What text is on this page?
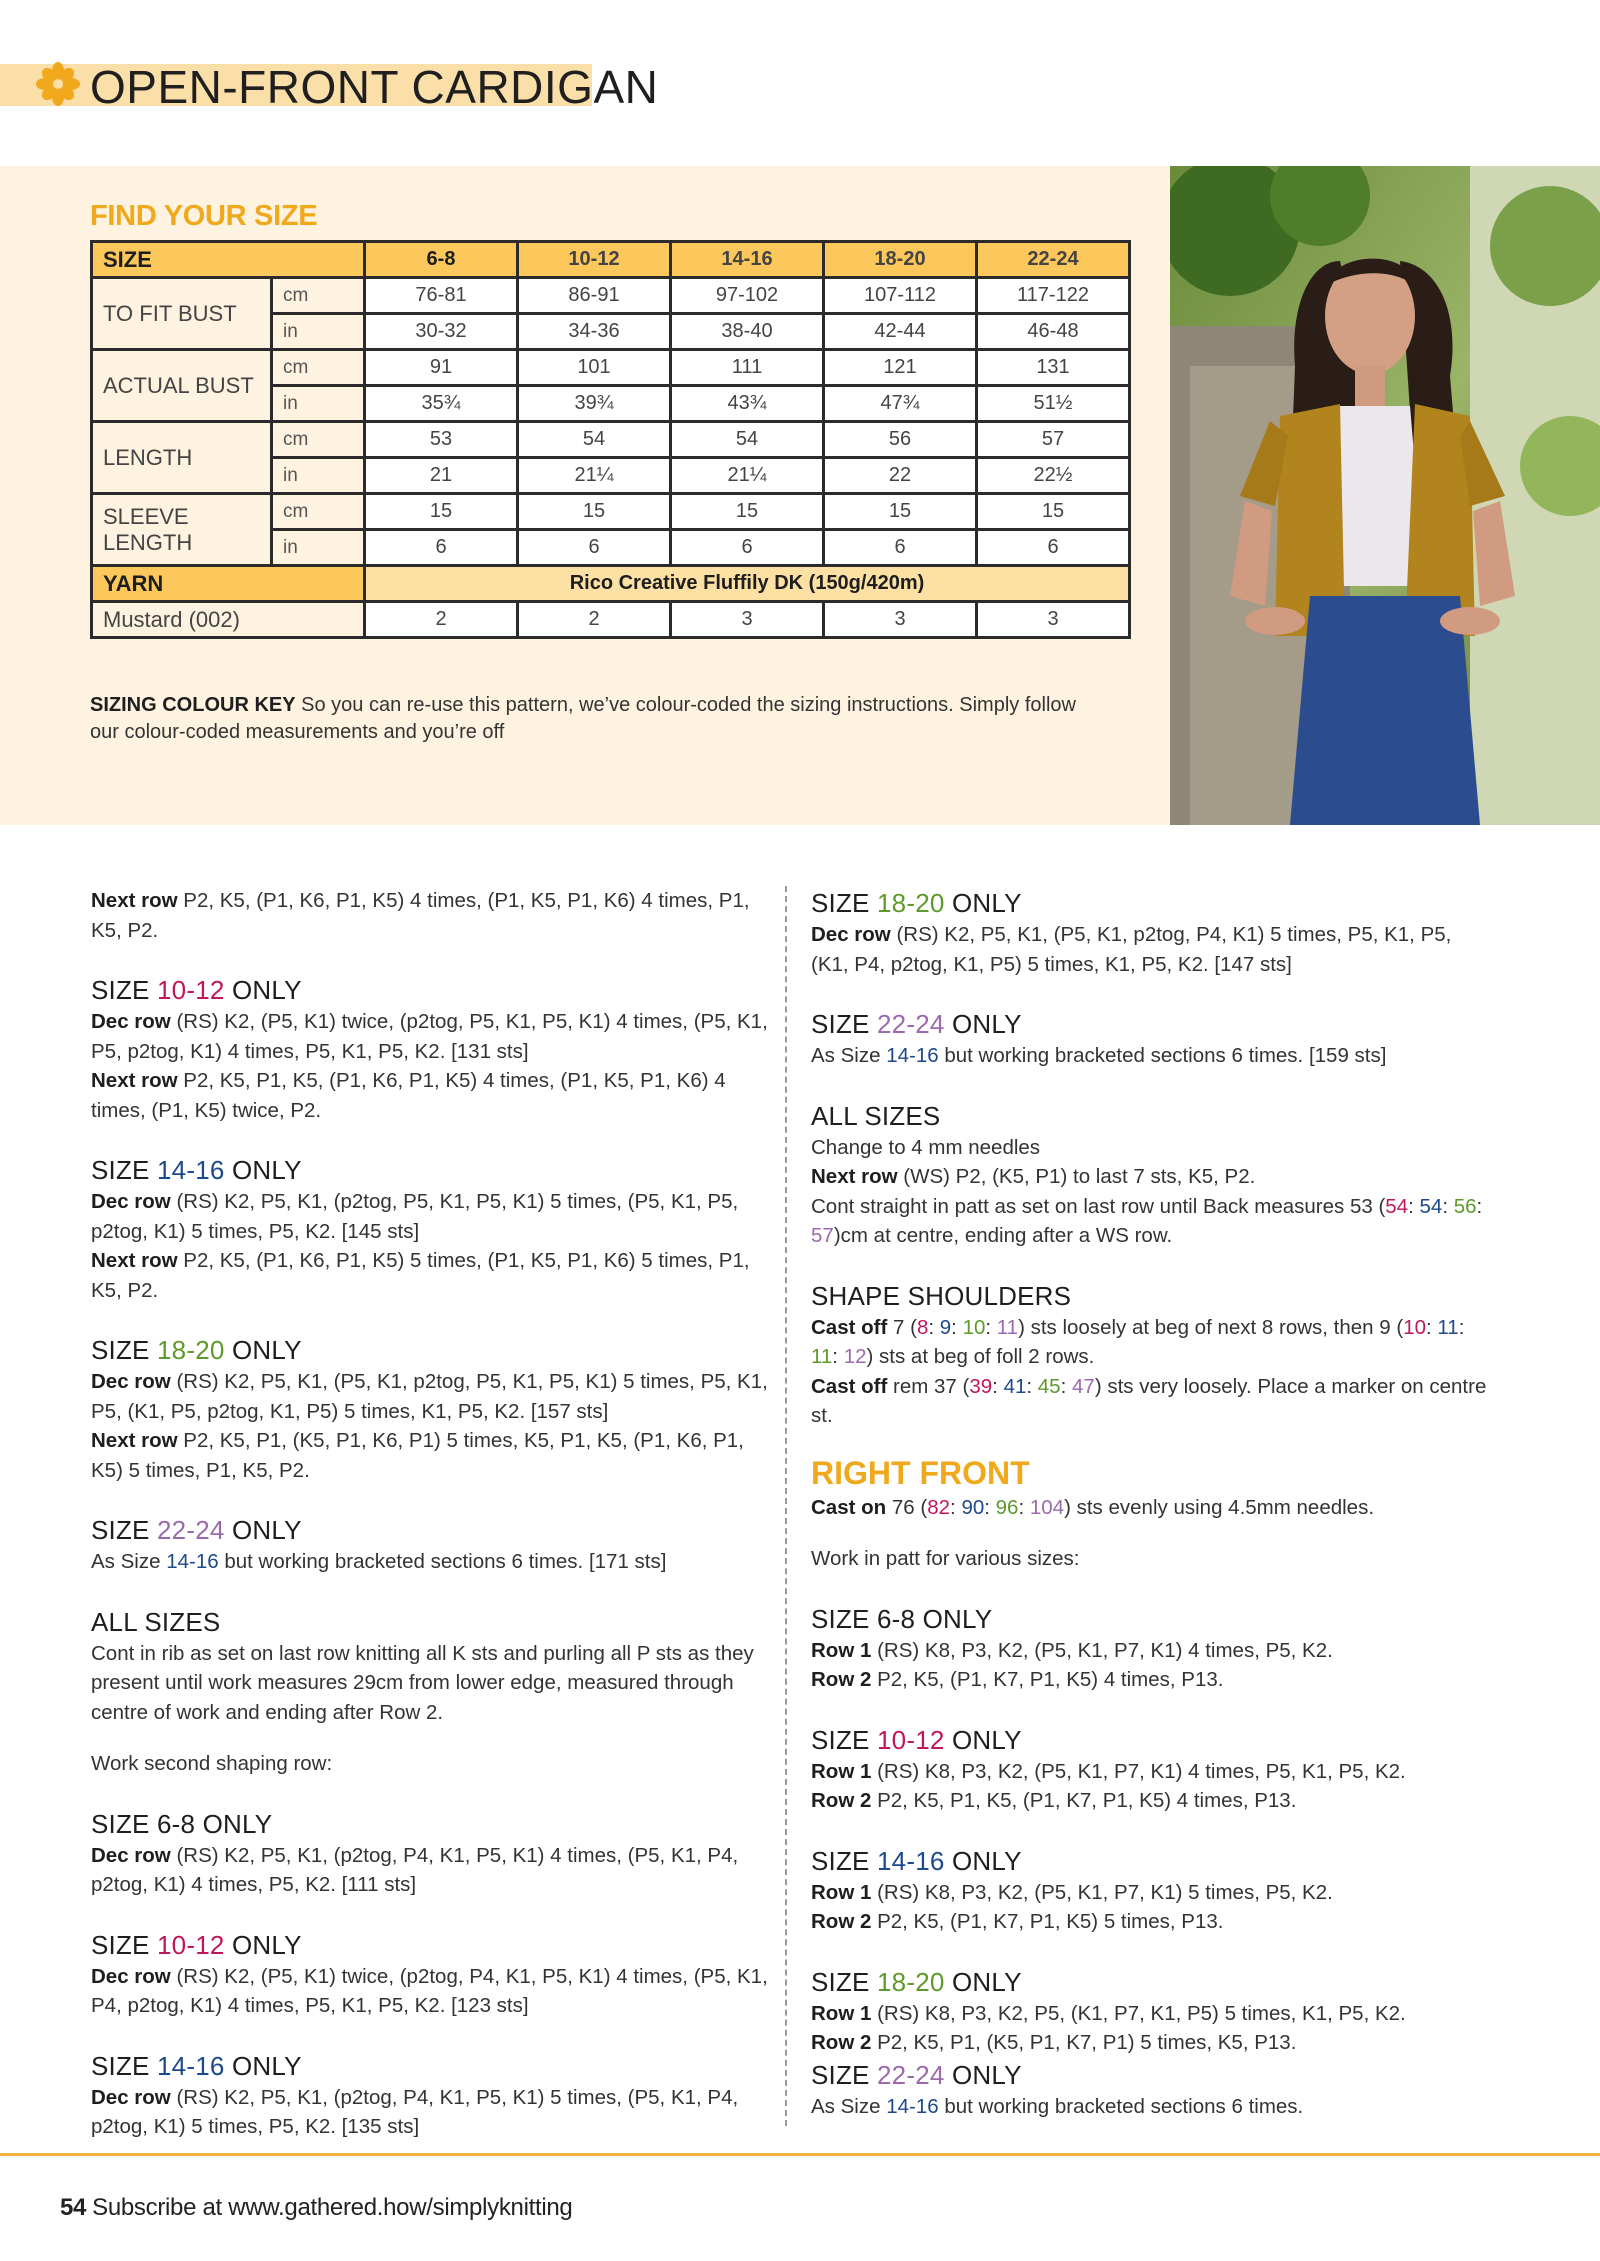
OPEN-FRONT CARDIGAN
FIND YOUR SIZE
SIZE		6-8	10-12	14-16	18-20	22-24
TO FIT BUST	cm	76-81	86-91	97-102	107-112	117-122
	in	30-32	34-36	38-40	42-44	46-48
ACTUAL BUST	cm	91	101	111	121	131
	in	35¾	39¾	43¾	47¾	51½
LENGTH	cm	53	54	54	56	57
	in	21	21¼	21¼	22	22½
SLEEVE LENGTH	cm	15	15	15	15	15
	in	6	6	6	6	6
YARN		Rico Creative Fluffily DK (150g/420m)				
Mustard (002)		2	2	3	3	3
SIZING COLOUR KEY So you can re-use this pattern, we’ve colour-coded the sizing instructions. Simply follow our colour-coded measurements and you’re off
Next row P2, K5, (P1, K6, P1, K5) 4 times, (P1, K5, P1, K6) 4 times, P1, K5, P2.
SIZE 10-12 ONLY
Dec row (RS) K2, (P5, K1) twice, (p2tog, P5, K1, P5, K1) 4 times, (P5, K1, P5, p2tog, K1) 4 times, P5, K1, P5, K2. [131 sts]
Next row P2, K5, P1, K5, (P1, K6, P1, K5) 4 times, (P1, K5, P1, K6) 4 times, (P1, K5) twice, P2.
SIZE 14-16 ONLY
Dec row (RS) K2, P5, K1, (p2tog, P5, K1, P5, K1) 5 times, (P5, K1, P5, p2tog, K1) 5 times, P5, K2. [145 sts]
Next row P2, K5, (P1, K6, P1, K5) 5 times, (P1, K5, P1, K6) 5 times, P1, K5, P2.
SIZE 18-20 ONLY
Dec row (RS) K2, P5, K1, (P5, K1, p2tog, P5, K1, P5, K1) 5 times, P5, K1, P5, (K1, P5, p2tog, K1, P5) 5 times, K1, P5, K2. [157 sts]
Next row P2, K5, P1, (K5, P1, K6, P1) 5 times, K5, P1, K5, (P1, K6, P1, K5) 5 times, P1, K5, P2.
SIZE 22-24 ONLY
As Size 14-16 but working bracketed sections 6 times. [171 sts]
ALL SIZES
Cont in rib as set on last row knitting all K sts and purling all P sts as they present until work measures 29cm from lower edge, measured through centre of work and ending after Row 2.
Work second shaping row:
SIZE 6-8 ONLY
Dec row (RS) K2, P5, K1, (p2tog, P4, K1, P5, K1) 4 times, (P5, K1, P4, p2tog, K1) 4 times, P5, K2. [111 sts]
SIZE 10-12 ONLY
Dec row (RS) K2, (P5, K1) twice, (p2tog, P4, K1, P5, K1) 4 times, (P5, K1, P4, p2tog, K1) 4 times, P5, K1, P5, K2. [123 sts]
SIZE 14-16 ONLY
Dec row (RS) K2, P5, K1, (p2tog, P4, K1, P5, K1) 5 times, (P5, K1, P4, p2tog, K1) 5 times, P5, K2. [135 sts]
SIZE 18-20 ONLY
Dec row (RS) K2, P5, K1, (P5, K1, p2tog, P4, K1) 5 times, P5, K1, P5, (K1, P4, p2tog, K1, P5) 5 times, K1, P5, K2. [147 sts]
SIZE 22-24 ONLY
As Size 14-16 but working bracketed sections 6 times. [159 sts]
ALL SIZES
Change to 4 mm needles
Next row (WS) P2, (K5, P1) to last 7 sts, K5, P2.
Cont straight in patt as set on last row until Back measures 53 (54: 54: 56: 57)cm at centre, ending after a WS row.
SHAPE SHOULDERS
Cast off 7 (8: 9: 10: 11) sts loosely at beg of next 8 rows, then 9 (10: 11: 11: 12) sts at beg of foll 2 rows.
Cast off rem 37 (39: 41: 45: 47) sts very loosely. Place a marker on centre st.
RIGHT FRONT
Cast on 76 (82: 90: 96: 104) sts evenly using 4.5mm needles.
Work in patt for various sizes:
SIZE 6-8 ONLY
Row 1 (RS) K8, P3, K2, (P5, K1, P7, K1) 4 times, P5, K2.
Row 2 P2, K5, (P1, K7, P1, K5) 4 times, P13.
SIZE 10-12 ONLY
Row 1 (RS) K8, P3, K2, (P5, K1, P7, K1) 4 times, P5, K1, P5, K2.
Row 2 P2, K5, P1, K5, (P1, K7, P1, K5) 4 times, P13.
SIZE 14-16 ONLY
Row 1 (RS) K8, P3, K2, (P5, K1, P7, K1) 5 times, P5, K2.
Row 2 P2, K5, (P1, K7, P1, K5) 5 times, P13.
SIZE 18-20 ONLY
Row 1 (RS) K8, P3, K2, P5, (K1, P7, K1, P5) 5 times, K1, P5, K2.
Row 2 P2, K5, P1, (K5, P1, K7, P1) 5 times, K5, P13.
SIZE 22-24 ONLY
As Size 14-16 but working bracketed sections 6 times.
54 Subscribe at www.gathered.how/simplyknitting
